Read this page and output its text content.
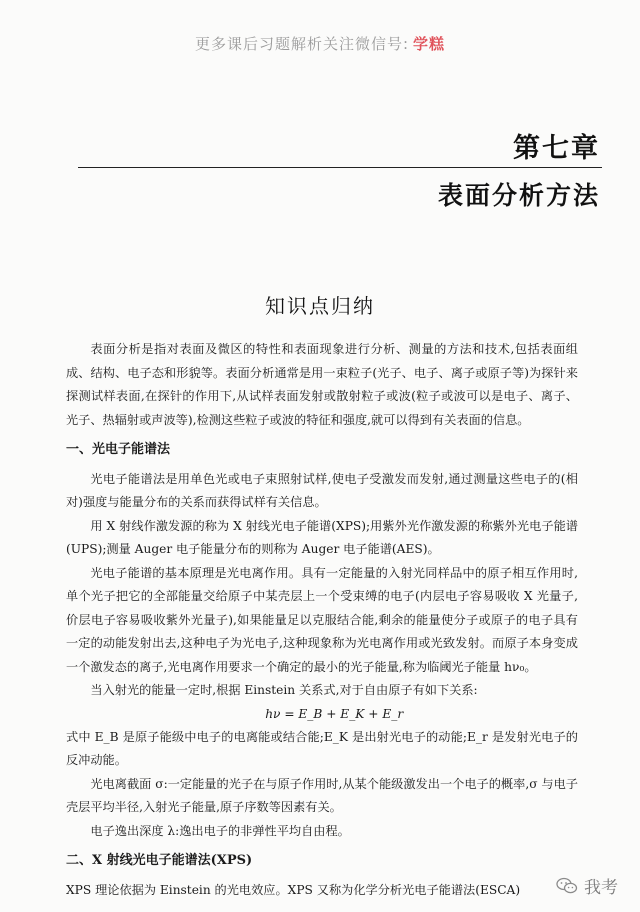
更多课后习题解析关注微信号: 学糕
第七章
表面分析方法
知识点归纳

表面分析是指对表面及微区的特性和表面现象进行分析、测量的方法和技术,包括表面组成、结构、电子态和形貌等。表面分析通常是用一束粒子(光子、电子、离子或原子等)为探针来探测试样表面,在探针的作用下,从试样表面发射或散射粒子或波(粒子或波可以是电子、离子、光子、热辐射或声波等),检测这些粒子或波的特征和强度,就可以得到有关表面的信息。

一、光电子能谱法

光电子能谱法是用单色光或电子束照射试样,使电子受激发而发射,通过测量这些电子的(相对)强度与能量分布的关系而获得试样有关信息。

用 X 射线作激发源的称为 X 射线光电子能谱(XPS);用紫外光作激发源的称紫外光电子能谱(UPS);测量 Auger 电子能量分布的则称为 Auger 电子能谱(AES)。

光电子能谱的基本原理是光电离作用。具有一定能量的入射光同样品中的原子相互作用时,单个光子把它的全部能量交给原子中某壳层上一个受束缚的电子(内层电子容易吸收 X 光量子,价层电子容易吸收紫外光量子),如果能量足以克服结合能,剩余的能量使分子或原子的电子具有一定的动能发射出去,这种电子为光电子,这种现象称为光电离作用或光致发射。而原子本身变成一个激发态的离子,光电离作用要求一个确定的最小的光子能量,称为临阈光子能量 hν₀。

当入射光的能量一定时,根据 Einstein 关系式,对于自由原子有如下关系:

hν = E_B + E_K + E_r

式中 E_B 是原子能级中电子的电离能或结合能;E_K 是出射光电子的动能;E_r 是发射光电子的反冲动能。

光电离截面 σ:一定能量的光子在与原子作用时,从某个能级激发出一个电子的概率,σ 与电子壳层平均半径,入射光子能量,原子序数等因素有关。

电子逸出深度 λ:逸出电子的非弹性平均自由程。

二、X 射线光电子能谱法(XPS)

XPS 理论依据为 Einstein 的光电效应。XPS 又称为化学分析光电子能谱法(ESCA)	我考
